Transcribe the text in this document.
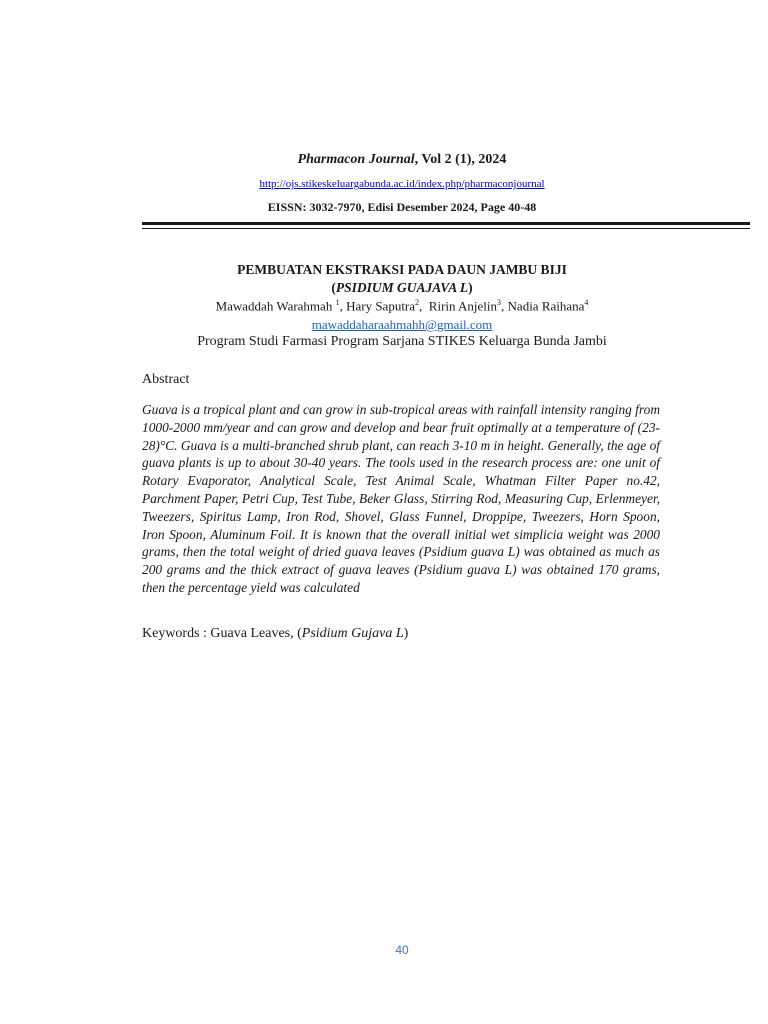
Pharmacon Journal, Vol 2 (1), 2024
http://ojs.stikeskeluargabunda.ac.id/index.php/pharmaconjournal
EISSN: 3032-7970, Edisi Desember 2024, Page 40-48
PEMBUATAN EKSTRAKSI PADA DAUN JAMBU BIJI
(PSIDIUM GUAJAVA L)
Mawaddah Warahmah $^1$, Hary Saputra$^2$,  Ririn Anjelin$^3$, Nadia Raihana$^4$
mawaddaharaahmahh@gmail.com
Program Studi Farmasi Program Sarjana STIKES Keluarga Bunda Jambi
Abstract
Guava is a tropical plant and can grow in sub-tropical areas with rainfall intensity ranging from 1000-2000 mm/year and can grow and develop and bear fruit optimally at a temperature of (23-28)°C. Guava is a multi-branched shrub plant, can reach 3-10 m in height. Generally, the age of guava plants is up to about 30-40 years. The tools used in the research process are: one unit of Rotary Evaporator, Analytical Scale, Test Animal Scale, Whatman Filter Paper no.42, Parchment Paper, Petri Cup, Test Tube, Beker Glass, Stirring Rod, Measuring Cup, Erlenmeyer, Tweezers, Spiritus Lamp, Iron Rod, Shovel, Glass Funnel, Droppipe, Tweezers, Horn Spoon, Iron Spoon, Aluminum Foil. It is known that the overall initial wet simplicia weight was 2000 grams, then the total weight of dried guava leaves (Psidium guava L) was obtained as much as 200 grams and the thick extract of guava leaves (Psidium guava L) was obtained 170 grams, then the percentage yield was calculated
Keywords : Guava Leaves, (Psidium Gujava L)
40
